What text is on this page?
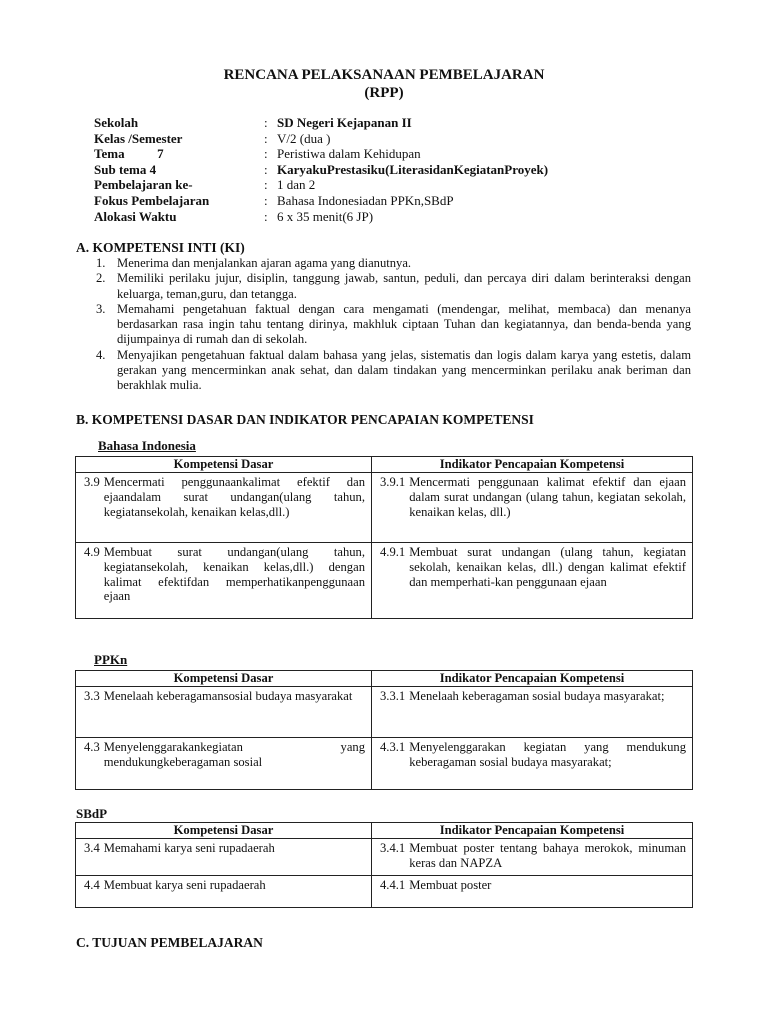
RENCANA PELAKSANAAN PEMBELAJARAN
(RPP)
Sekolah	: SD Negeri Kejapanan II
Kelas /Semester	: V/2 (dua )
Tema          7	: Peristiwa dalam Kehidupan
Sub tema 4	: KaryakuPrestasiku(LiterasidanKegiatanProyek)
Pembelajaran ke-	: 1 dan 2
Fokus Pembelajaran	: Bahasa Indonesiadan PPKn,SBdP
Alokasi Waktu	: 6 x 35 menit(6 JP)
A. KOMPETENSI INTI (KI)
1. Menerima dan menjalankan ajaran agama yang dianutnya.
2. Memiliki perilaku jujur, disiplin, tanggung jawab, santun, peduli, dan percaya diri dalam berinteraksi dengan keluarga, teman,guru, dan tetangga.
3. Memahami pengetahuan faktual dengan cara mengamati (mendengar, melihat, membaca) dan menanya berdasarkan rasa ingin tahu tentang dirinya, makhluk ciptaan Tuhan dan kegiatannya, dan benda-benda yang dijumpainya di rumah dan di sekolah.
4. Menyajikan pengetahuan faktual dalam bahasa yang jelas, sistematis dan logis dalam karya yang estetis, dalam gerakan yang mencerminkan anak sehat, dan dalam tindakan yang mencerminkan perilaku anak beriman dan berakhlak mulia.
B. KOMPETENSI DASAR DAN INDIKATOR PENCAPAIAN KOMPETENSI
Bahasa Indonesia
Kompetensi Dasar	Indikator Pencapaian Kompetensi

3.9 Mencermati penggunaankalimat efektif dan ejaandalam surat undangan(ulang tahun, kegiatansekolah, kenaikan kelas,dll.)	3.9.1 Mencermati penggunaan kalimat efektif dan ejaan dalam surat undangan (ulang tahun, kegiatan sekolah, kenaikan kelas, dll.)

4.9 Membuat surat undangan(ulang tahun, kegiatansekolah, kenaikan kelas,dll.) dengan kalimat efektifdan memperhatikanpenggunaan ejaan	4.9.1 Membuat surat undangan (ulang tahun, kegiatan sekolah, kenaikan kelas, dll.) dengan kalimat efektif dan memperhati-kan penggunaan ejaan
PPKn
Kompetensi Dasar	Indikator Pencapaian Kompetensi

3.3 Menelaah keberagamansosial budaya masyarakat	3.3.1 Menelaah keberagaman sosial budaya masyarakat;

4.3 Menyelenggarakankegiatan yang mendukungkeberagaman sosial	4.3.1 Menyelenggarakan kegiatan yang mendukung keberagaman sosial budaya masyarakat;
SBdP
Kompetensi Dasar	Indikator Pencapaian Kompetensi

3.4 Memahami karya seni rupadaerah	3.4.1 Membuat poster tentang bahaya merokok, minuman keras dan NAPZA

4.4 Membuat karya seni rupadaerah	4.4.1 Membuat poster
C. TUJUAN PEMBELAJARAN
